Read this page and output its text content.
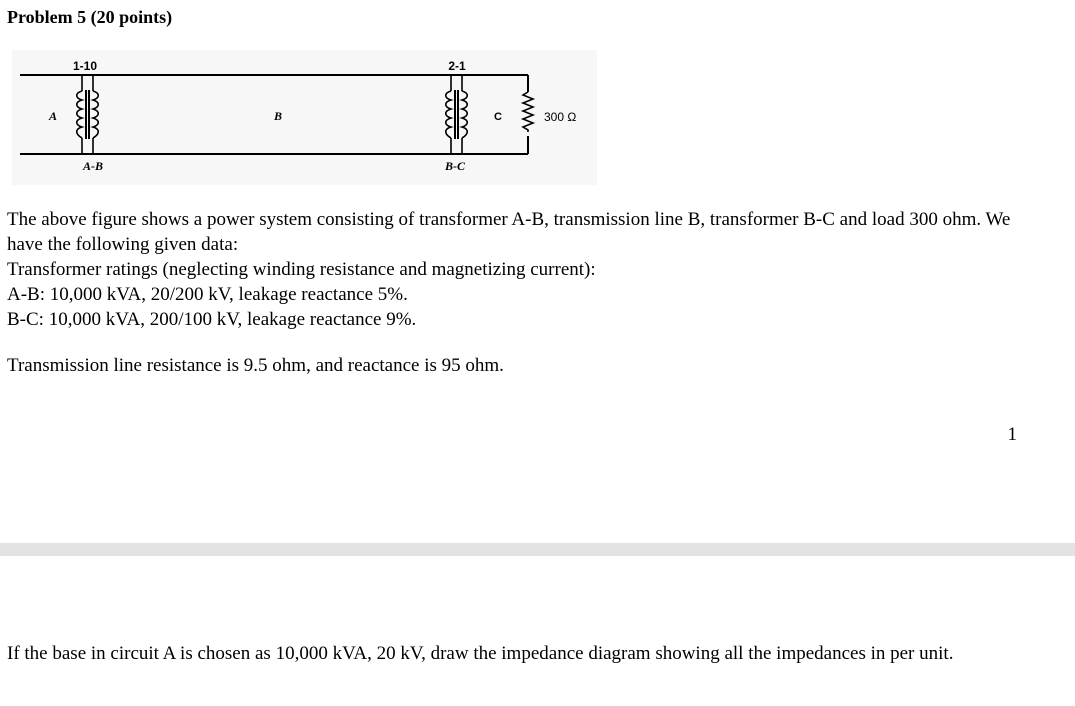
Problem 5 (20 points)
1-10	2-1
A	B	C	300 Ω
A-B	B-C
The above figure shows a power system consisting of transformer A-B, transmission line B, transformer B-C and load 300 ohm. We have the following given data:
Transformer ratings (neglecting winding resistance and magnetizing current):
A-B: 10,000 kVA, 20/200 kV, leakage reactance 5%.
B-C: 10,000 kVA, 200/100 kV, leakage reactance 9%.

Transmission line resistance is 9.5 ohm, and reactance is 95 ohm.

1

If the base in circuit A is chosen as 10,000 kVA, 20 kV, draw the impedance diagram showing all the impedances in per unit.
